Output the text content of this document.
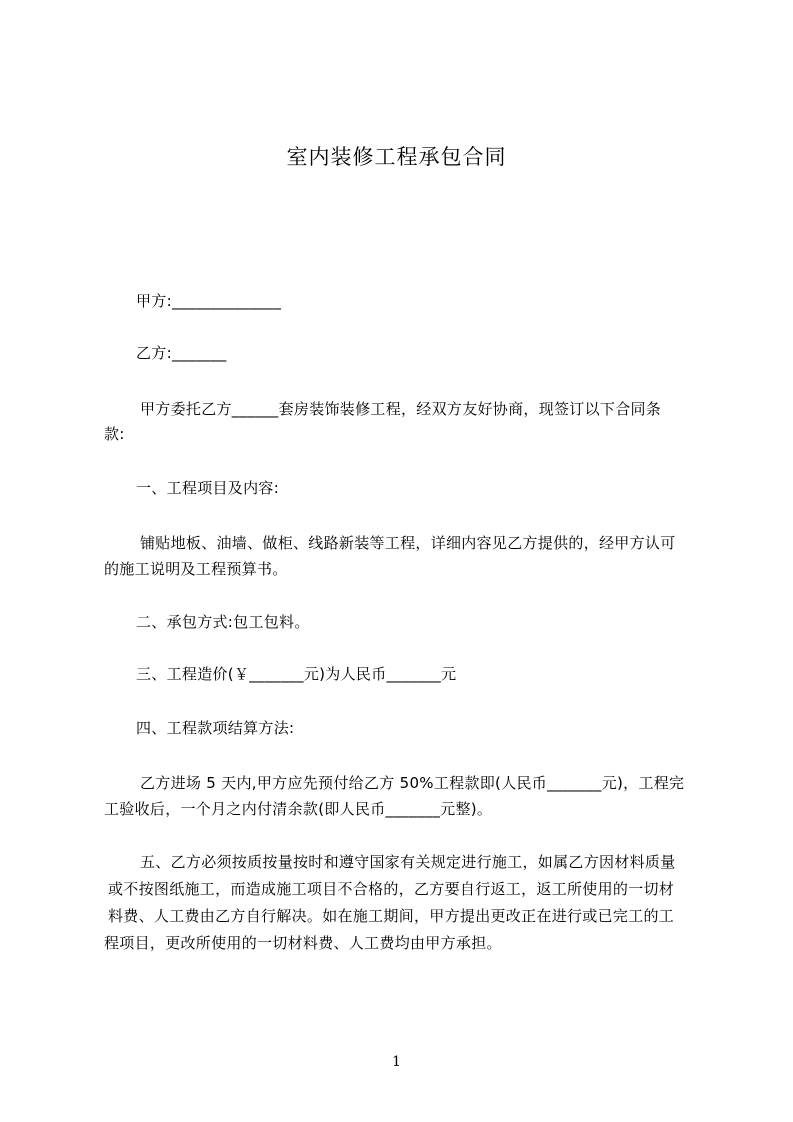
室内装修工程承包合同
甲方:______________
乙方:_______
甲方委托乙方______套房装饰装修工程，经双方友好协商，现签订以下合同条
款:
一、工程项目及内容:
铺贴地板、油墙、做柜、线路新装等工程，详细内容见乙方提供的，经甲方认可
的施工说明及工程预算书。
二、承包方式:包工包料。
三、工程造价(￥_______元)为人民币_______元
四、工程款项结算方法:
乙方进场 5 天内,甲方应先预付给乙方 50%工程款即(人民币_______元)，工程完
工验收后，一个月之内付清余款(即人民币_______元整)。
五、乙方必须按质按量按时和遵守国家有关规定进行施工，如属乙方因材料质量
或不按图纸施工，而造成施工项目不合格的，乙方要自行返工，返工所使用的一切材
料费、人工费由乙方自行解决。如在施工期间，甲方提出更改正在进行或已完工的工
程项目，更改所使用的一切材料费、人工费均由甲方承担。
1
